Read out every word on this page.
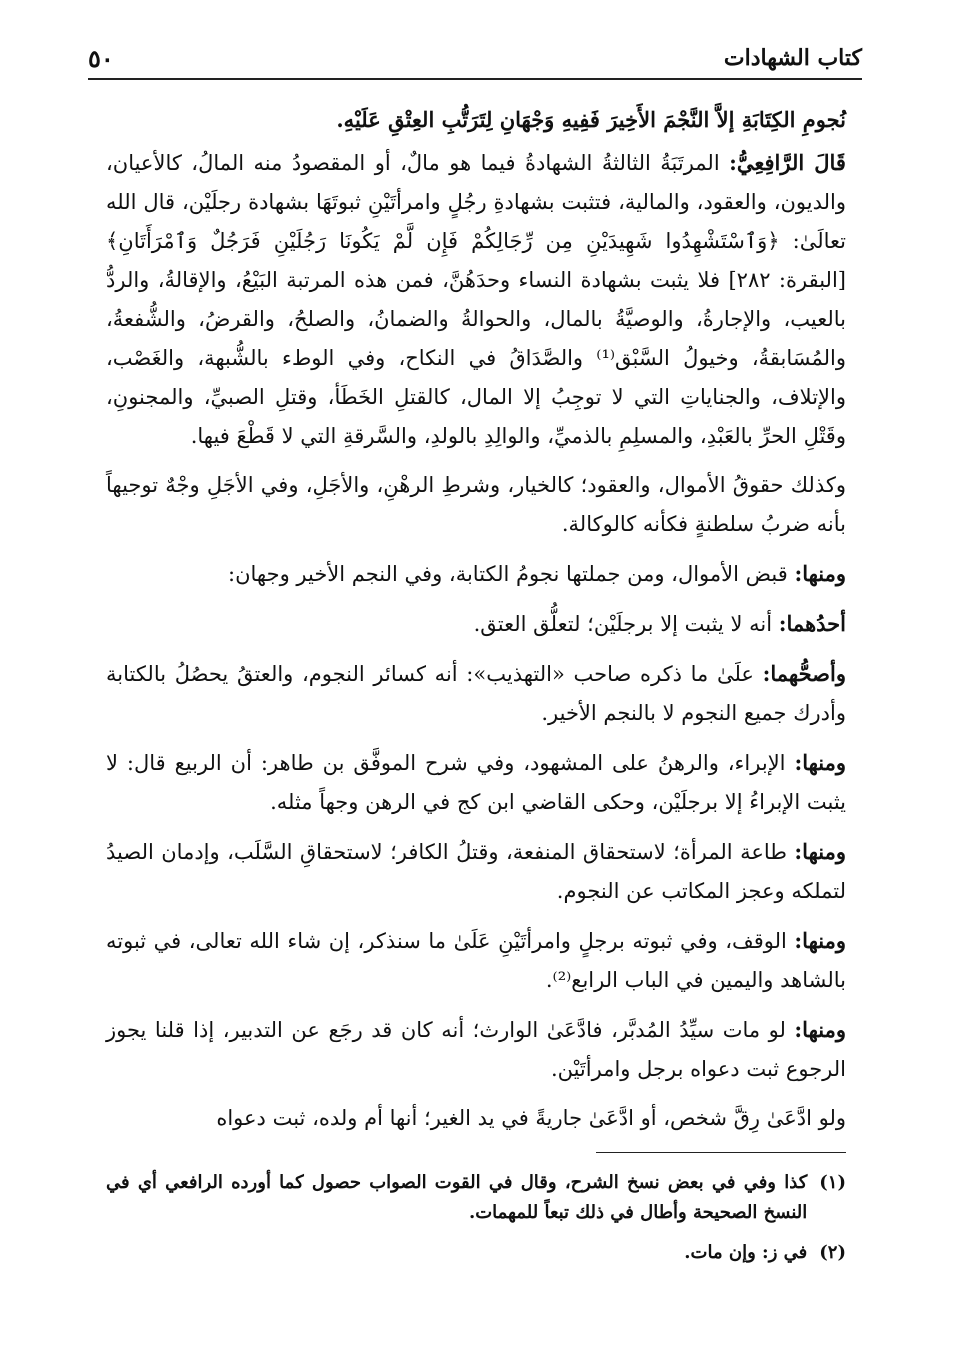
كتاب الشهادات
٥٠

نُجومِ الكِتَابَةِ إلاَّ النَّجْمَ الأَخِيرَ فَفِيهِ وَجْهَانِ لِتَرَتُّبِ العِتْقِ عَلَيْهِ.

قَالَ الرَّافِعِيُّ: المرتَبَةُ الثالثةُ الشهادةُ فيما هو مالٌ، أو المقصودُ منه المالُ، كالأعيان، والديون، والعقود، والمالية، فتثبت بشهادةِ رجُلٍ وامرأتَيْنِ ثبوتَهَا بشهادة رجلَيْن، قال الله تعالَىٰ: ﴿وَٱسْتَشْهِدُوا شَهِيدَيْنِ مِن رِّجَالِكُمْ فَإِن لَّمْ يَكُونَا رَجُلَيْنِ فَرَجُلٌ وَٱمْرَأَتَانِ﴾ [البقرة: ٢٨٢] فلا يثبت بشهادة النساء وحدَهُنَّ، فمن هذه المرتبة البَيْعُ، والإقالةُ، والردُّ بالعيب، والإجارةُ، والوصيَّةُ بالمال، والحوالةُ والضمانُ، والصلحُ، والقرضُ، والشُّفعةُ، والمُسَابقةُ، وخيولُ السَّبْق⁽¹⁾ والصَّدَاقُ في النكاح، وفي الوطء بالشُّبهة، والغَصْب، والإتلاف، والجناياتِ التي لا توجِبُ إلا المال، كالقتلِ الخَطَأ، وقتلِ الصبيِّ، والمجنونِ، وقَتْلِ الحرِّ بالعَبْدِ، والمسلِمِ بالذميِّ، والوالِدِ بالولدِ، والسَّرقةِ التي لا قَطْعَ فيها.

وكذلك حقوقُ الأموال، والعقود؛ كالخيار، وشرطِ الرهْنِ، والأجَلِ، وفي الأجَلِ وجْهٌ توجيهاً بأنه ضربُ سلطنةٍ فكأنه كالوكالة.

ومنها: قبض الأموال، ومن جملتها نجومُ الكتابة، وفي النجم الأخير وجهان:

أحدُهما: أنه لا يثبت إلا برجلَيْن؛ لتعلُّق العتق.

وأصحُّهما: علَىٰ ما ذكره صاحب «التهذيب»: أنه كسائر النجوم، والعتقُ يحصُلُ بالكتابة وأدرك جميع النجوم لا بالنجم الأخير.

ومنها: الإبراء، والرهنُ على المشهود، وفي شرح الموفَّق بن طاهر: أن الربيع قال: لا يثبت الإبراءُ إلا برجلَيْن، وحكى القاضي ابن كج في الرهن وجهاً مثله.

ومنها: طاعة المرأة؛ لاستحقاق المنفعة، وقتلُ الكافر؛ لاستحقاقِ السَّلَب، وإدمان الصيدُ لتملكه وعجز المكاتب عن النجوم.

ومنها: الوقف، وفي ثبوته برجلٍ وامرأتَيْنِ عَلَىٰ ما سنذكر، إن شاء الله تعالى، في ثبوته بالشاهد واليمين في الباب الرابع⁽²⁾.

ومنها: لو مات سيِّدُ المُدبَّر، فادَّعَىٰ الوارث؛ أنه كان قد رجَع عن التدبير، إذا قلنا يجوز الرجوع ثبت دعواه برجل وامرأتَيْن.

ولو ادَّعَىٰ رِقَّ شخص، أو ادَّعَىٰ جاريةً في يد الغير؛ أنها أم ولده، ثبت دعواه

(١)
كذا وفي في بعض نسخ الشرح، وقال في القوت الصواب حصول كما أورده الرافعي أي في النسخ الصحيحة وأطال في ذلك تبعاً للمهمات.
(٢)
في ز: وإن مات.
